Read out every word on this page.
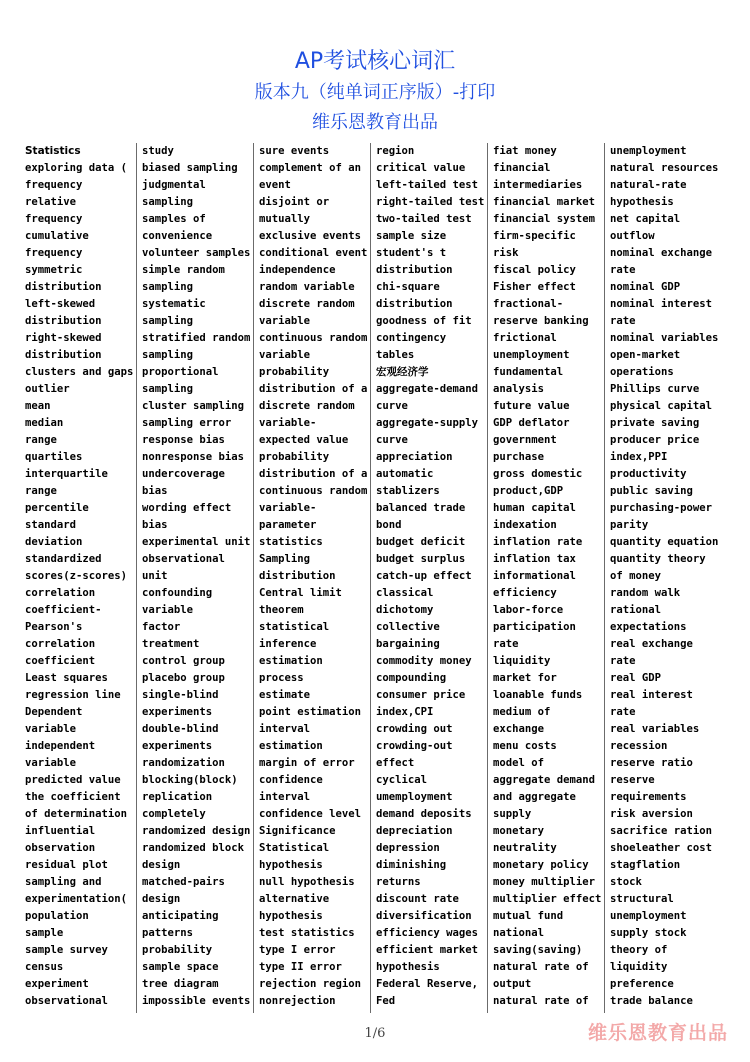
AP考试核心词汇
版本九（纯单词正序版）-打印
维乐恩教育出品
Statistics
exploring data (
frequency
relative
frequency
cumulative
frequency
symmetric
distribution
left-skewed
distribution
right-skewed
distribution
clusters and gaps
outlier
mean
median
range
quartiles
interquartile
range
percentile
standard
deviation
standardized
scores(z-scores)
correlation
coefficient-
Pearson's
correlation
coefficient
Least squares
regression line
Dependent
variable
independent
variable
predicted value
the coefficient
of determination
influential
observation
residual plot
sampling and
experimentation(
population
sample
sample survey
census
experiment
observational
study
biased sampling
judgmental
sampling
samples of
convenience
volunteer samples
simple random
sampling
systematic
sampling
stratified random
sampling
proportional
sampling
cluster sampling
sampling error
response bias
nonresponse bias
undercoverage
bias
wording effect
bias
experimental unit
observational
unit
confounding
variable
factor
treatment
control group
placebo group
single-blind
experiments
double-blind
experiments
randomization
blocking(block)
replication
completely
randomized design
randomized block
design
matched-pairs
design
anticipating
patterns
probability
sample space
tree diagram
impossible events
sure events
complement of an
event
disjoint or
mutually
exclusive events
conditional event
independence
random variable
discrete random
variable
continuous random
variable
probability
distribution of a
discrete random
variable-
expected value
probability
distribution of a
continuous random
variable-
parameter
statistics
Sampling
distribution
Central limit
theorem
statistical
inference
estimation
process
estimate
point estimation
interval
estimation
margin of error
confidence
interval
confidence level
Significance
Statistical
hypothesis
null hypothesis
alternative
hypothesis
test statistics
type I error
type II error
rejection region
nonrejection
region
critical value
left-tailed test
right-tailed test
two-tailed test
sample size
student's t
distribution
chi-square
distribution
goodness of fit
contingency
tables
宏观经济学
aggregate-demand
curve
aggregate-supply
curve
appreciation
automatic
stablizers
balanced trade
bond
budget deficit
budget surplus
catch-up effect
classical
dichotomy
collective
bargaining
commodity money
compounding
consumer price
index,CPI
crowding out
crowding-out
effect
cyclical
umemployment
demand deposits
depreciation
depression
diminishing
returns
discount rate
diversification
efficiency wages
efficient market
hypothesis
Federal Reserve,
Fed
fiat money
financial
intermediaries
financial market
financial system
firm-specific
risk
fiscal policy
Fisher effect
fractional-
reserve banking
frictional
unemployment
fundamental
analysis
future value
GDP deflator
government
purchase
gross domestic
product,GDP
human capital
indexation
inflation rate
inflation tax
informational
efficiency
labor-force
participation
rate
liquidity
market for
loanable funds
medium of
exchange
menu costs
model of
aggregate demand
and aggregate
supply
monetary
neutrality
monetary policy
money multiplier
multiplier effect
mutual fund
national
saving(saving)
natural rate of
output
natural rate of
unemployment
natural resources
natural-rate
hypothesis
net capital
outflow
nominal exchange
rate
nominal GDP
nominal interest
rate
nominal variables
open-market
operations
Phillips curve
physical capital
private saving
producer price
index,PPI
productivity
public saving
purchasing-power
parity
quantity equation
quantity theory
of money
random walk
rational
expectations
real exchange
rate
real GDP
real interest
rate
real variables
recession
reserve ratio
reserve
requirements
risk aversion
sacrifice ration
shoeleather cost
stagflation
stock
structural
unemployment
supply stock
theory of
liquidity
preference
trade balance
1/6	维乐恩教育出品
